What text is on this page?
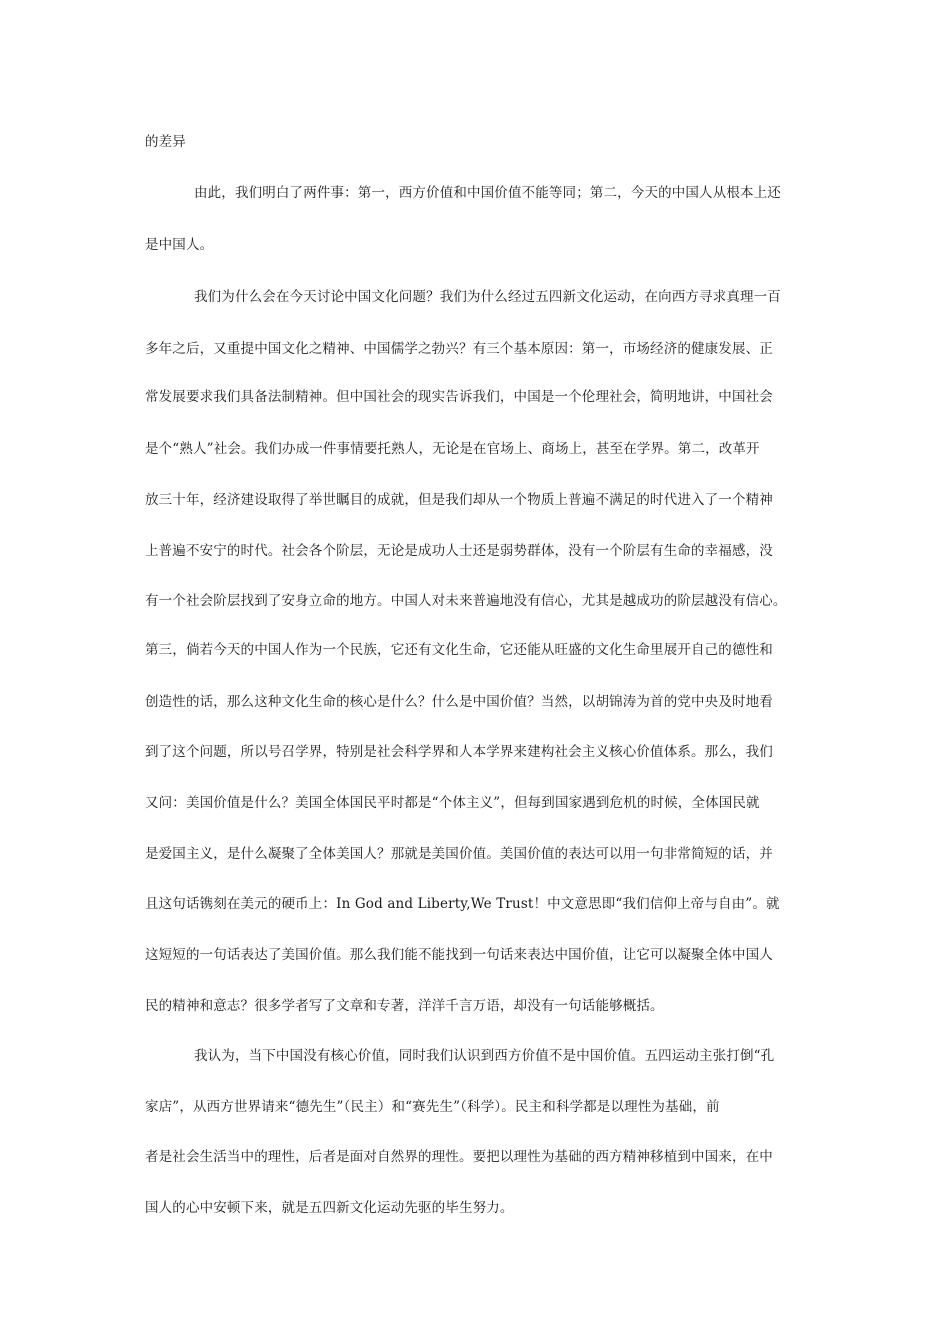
的差异
由此，我们明白了两件事：第一，西方价值和中国价值不能等同；第二，今天的中国人从根本上还
是中国人。
我们为什么会在今天讨论中国文化问题？我们为什么经过五四新文化运动，在向西方寻求真理一百
多年之后，又重提中国文化之精神、中国儒学之勃兴？有三个基本原因：第一，市场经济的健康发展、正
常发展要求我们具备法制精神。但中国社会的现实告诉我们，中国是一个伦理社会，简明地讲，中国社会
是个“熟人”社会。我们办成一件事情要托熟人，无论是在官场上、商场上，甚至在学界。第二，改革开
放三十年，经济建设取得了举世瞩目的成就，但是我们却从一个物质上普遍不满足的时代进入了一个精神
上普遍不安宁的时代。社会各个阶层，无论是成功人士还是弱势群体，没有一个阶层有生命的幸福感，没
有一个社会阶层找到了安身立命的地方。中国人对未来普遍地没有信心，尤其是越成功的阶层越没有信心。
第三，倘若今天的中国人作为一个民族，它还有文化生命，它还能从旺盛的文化生命里展开自己的德性和
创造性的话，那么这种文化生命的核心是什么？什么是中国价值？当然，以胡锦涛为首的党中央及时地看
到了这个问题，所以号召学界，特别是社会科学界和人本学界来建构社会主义核心价值体系。那么，我们
又问：美国价值是什么？美国全体国民平时都是“个体主义”，但每到国家遇到危机的时候，全体国民就
是爱国主义，是什么凝聚了全体美国人？那就是美国价值。美国价值的表达可以用一句非常简短的话，并
且这句话镌刻在美元的硬币上：In God and Liberty,We Trust！中文意思即“我们信仰上帝与自由”。就
这短短的一句话表达了美国价值。那么我们能不能找到一句话来表达中国价值，让它可以凝聚全体中国人
民的精神和意志？很多学者写了文章和专著，洋洋千言万语，却没有一句话能够概括。
我认为，当下中国没有核心价值，同时我们认识到西方价值不是中国价值。五四运动主张打倒“孔
家店”，从西方世界请来“德先生”（民主）和“赛先生”（科学）。民主和科学都是以理性为基础，前
者是社会生活当中的理性，后者是面对自然界的理性。要把以理性为基础的西方精神移植到中国来，在中
国人的心中安顿下来，就是五四新文化运动先驱的毕生努力。
